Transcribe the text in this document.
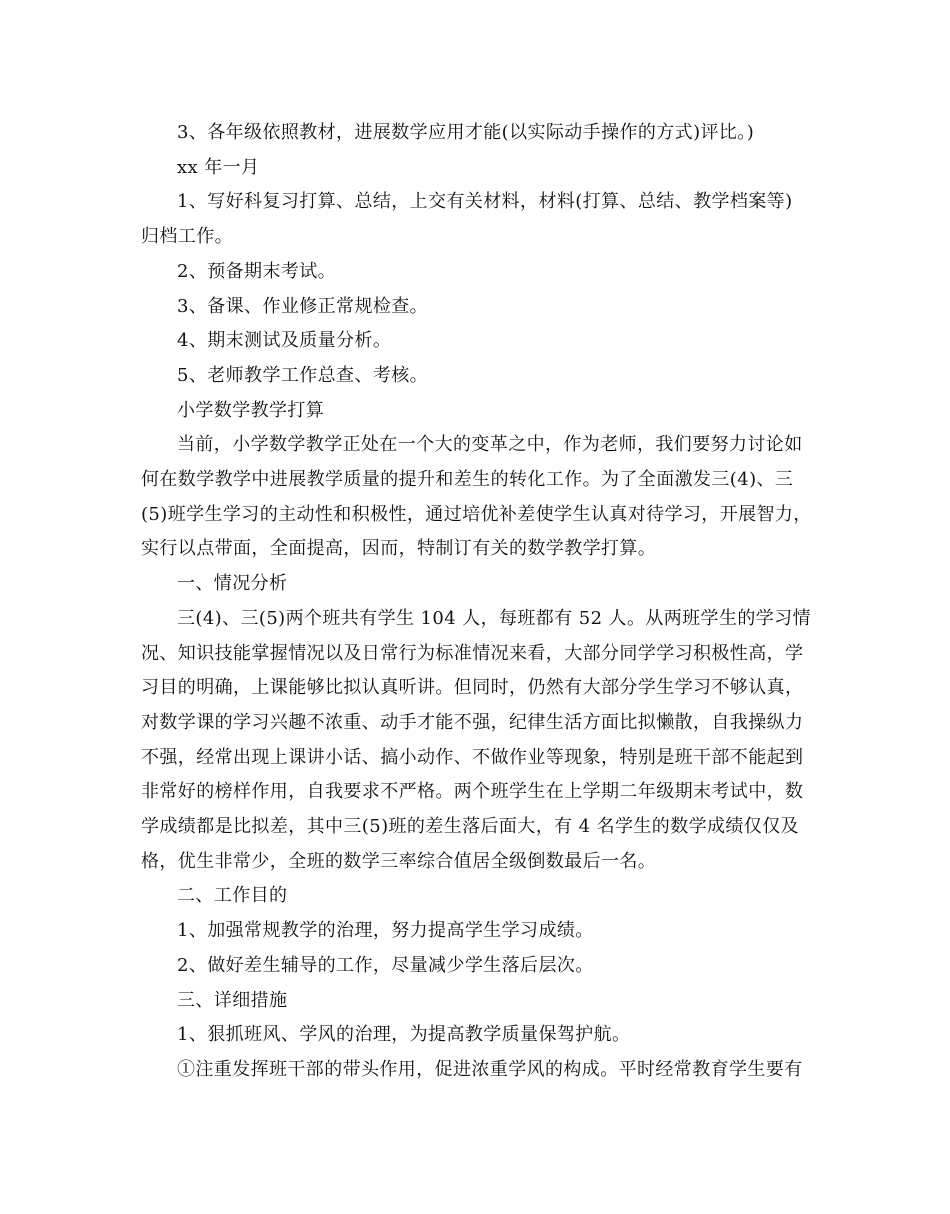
3、各年级依照教材，进展数学应用才能(以实际动手操作的方式)评比。)

xx 年一月

1、写好科复习打算、总结，上交有关材料，材料(打算、总结、教学档案等)

归档工作。

2、预备期末考试。

3、备课、作业修正常规检查。

4、期末测试及质量分析。

5、老师教学工作总查、考核。

小学数学教学打算

当前，小学数学教学正处在一个大的变革之中，作为老师，我们要努力讨论如

何在数学教学中进展教学质量的提升和差生的转化工作。为了全面激发三(4)、三

(5)班学生学习的主动性和积极性，通过培优补差使学生认真对待学习，开展智力，

实行以点带面，全面提高，因而，特制订有关的数学教学打算。

一、情况分析

三(4)、三(5)两个班共有学生 104 人，每班都有 52 人。从两班学生的学习情

况、知识技能掌握情况以及日常行为标准情况来看，大部分同学学习积极性高，学

习目的明确，上课能够比拟认真听讲。但同时，仍然有大部分学生学习不够认真，

对数学课的学习兴趣不浓重、动手才能不强，纪律生活方面比拟懒散，自我操纵力

不强，经常出现上课讲小话、搞小动作、不做作业等现象，特别是班干部不能起到

非常好的榜样作用，自我要求不严格。两个班学生在上学期二年级期末考试中，数

学成绩都是比拟差，其中三(5)班的差生落后面大，有 4 名学生的数学成绩仅仅及

格，优生非常少，全班的数学三率综合值居全级倒数最后一名。

二、工作目的

1、加强常规教学的治理，努力提高学生学习成绩。

2、做好差生辅导的工作，尽量减少学生落后层次。

三、详细措施

1、狠抓班风、学风的治理，为提高教学质量保驾护航。

①注重发挥班干部的带头作用，促进浓重学风的构成。平时经常教育学生要有
